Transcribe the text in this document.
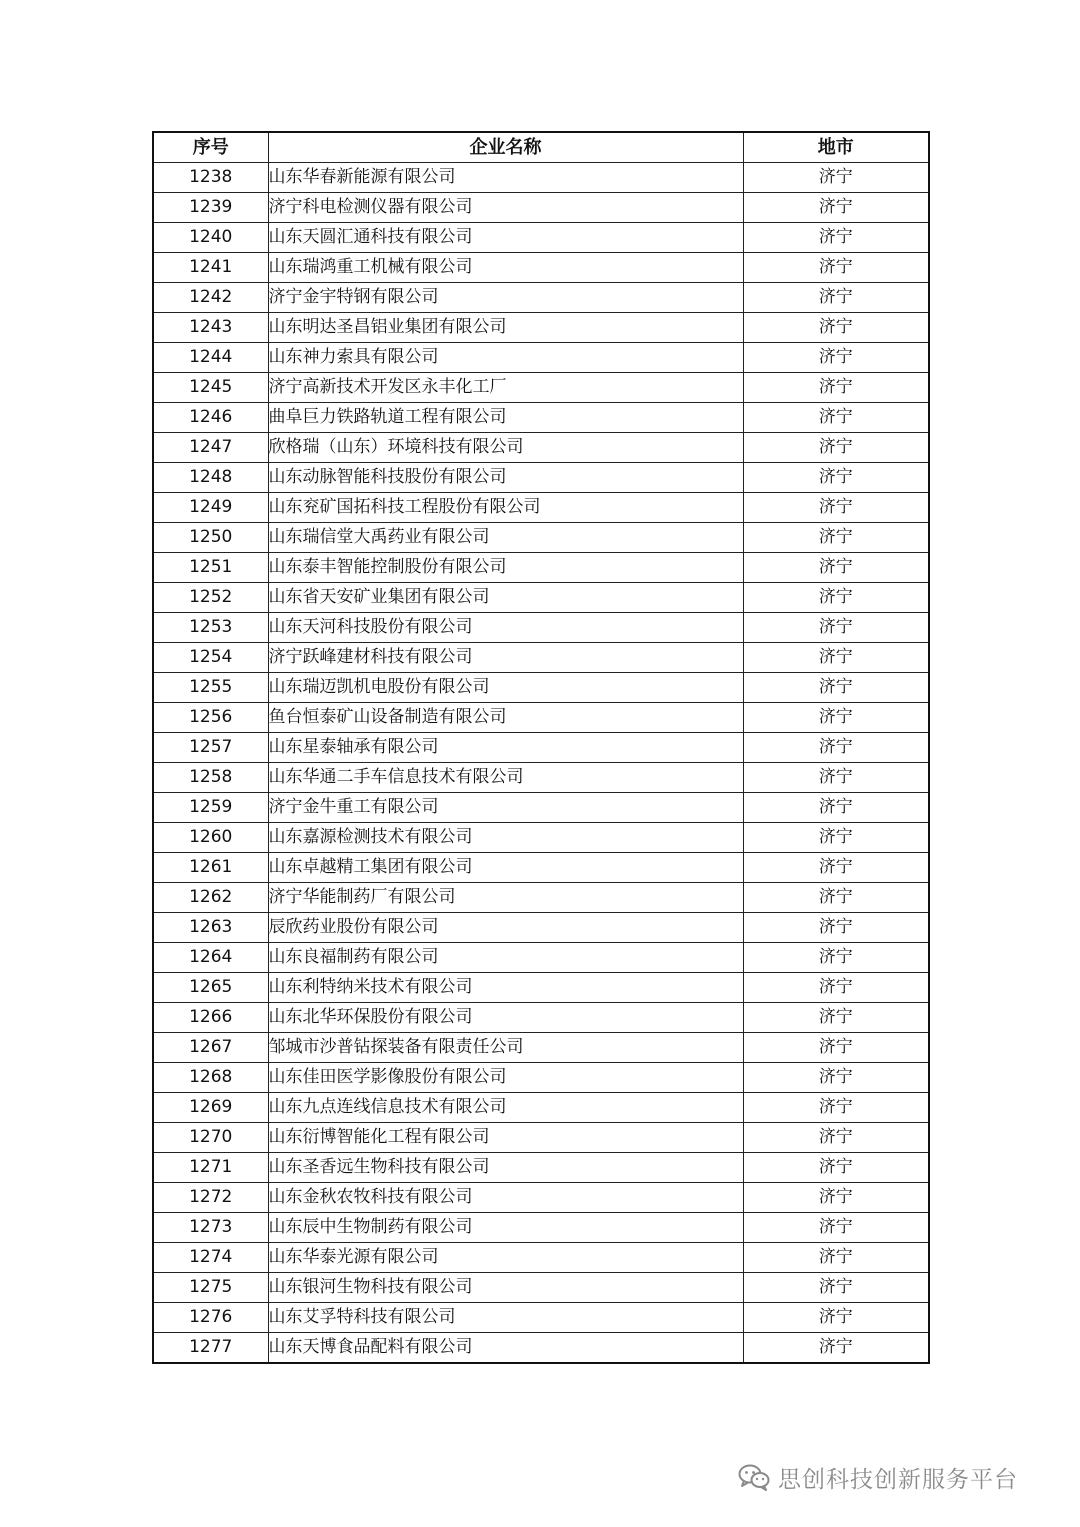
序号	企业名称	地市
1238	山东华春新能源有限公司	济宁
1239	济宁科电检测仪器有限公司	济宁
1240	山东天圆汇通科技有限公司	济宁
1241	山东瑞鸿重工机械有限公司	济宁
1242	济宁金宇特钢有限公司	济宁
1243	山东明达圣昌铝业集团有限公司	济宁
1244	山东神力索具有限公司	济宁
1245	济宁高新技术开发区永丰化工厂	济宁
1246	曲阜巨力铁路轨道工程有限公司	济宁
1247	欣格瑞（山东）环境科技有限公司	济宁
1248	山东动脉智能科技股份有限公司	济宁
1249	山东兖矿国拓科技工程股份有限公司	济宁
1250	山东瑞信堂大禹药业有限公司	济宁
1251	山东泰丰智能控制股份有限公司	济宁
1252	山东省天安矿业集团有限公司	济宁
1253	山东天河科技股份有限公司	济宁
1254	济宁跃峰建材科技有限公司	济宁
1255	山东瑞迈凯机电股份有限公司	济宁
1256	鱼台恒泰矿山设备制造有限公司	济宁
1257	山东星泰轴承有限公司	济宁
1258	山东华通二手车信息技术有限公司	济宁
1259	济宁金牛重工有限公司	济宁
1260	山东嘉源检测技术有限公司	济宁
1261	山东卓越精工集团有限公司	济宁
1262	济宁华能制药厂有限公司	济宁
1263	辰欣药业股份有限公司	济宁
1264	山东良福制药有限公司	济宁
1265	山东利特纳米技术有限公司	济宁
1266	山东北华环保股份有限公司	济宁
1267	邹城市沙普钻探装备有限责任公司	济宁
1268	山东佳田医学影像股份有限公司	济宁
1269	山东九点连线信息技术有限公司	济宁
1270	山东衍博智能化工程有限公司	济宁
1271	山东圣香远生物科技有限公司	济宁
1272	山东金秋农牧科技有限公司	济宁
1273	山东辰中生物制药有限公司	济宁
1274	山东华泰光源有限公司	济宁
1275	山东银河生物科技有限公司	济宁
1276	山东艾孚特科技有限公司	济宁
1277	山东天博食品配料有限公司	济宁
思创科技创新服务平台
